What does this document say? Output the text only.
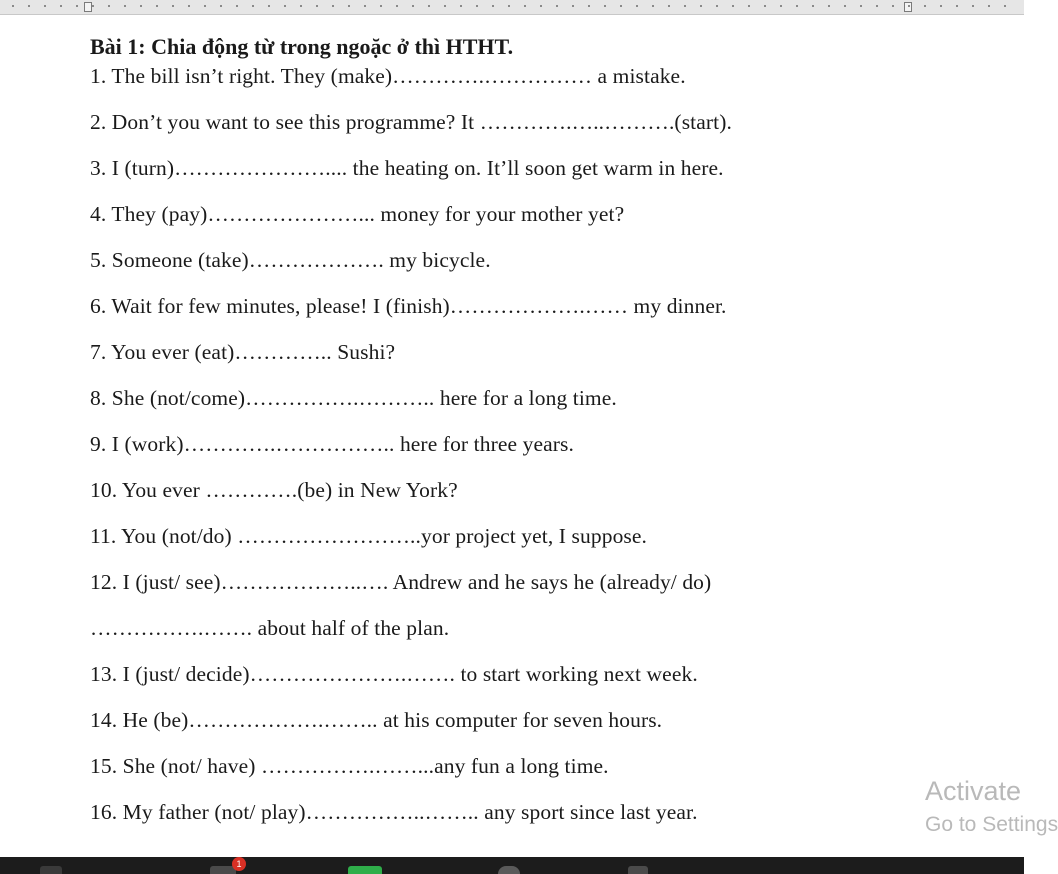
Bài 1: Chia động từ trong ngoặc ở thì HTHT.
1. The bill isn’t right. They (make)………….…………… a mistake.
2. Don’t you want to see this programme? It ………….…..……….(start).
3. I (turn)………………….... the heating on. It’ll soon get warm in here.
4. They (pay)…………………... money for your mother yet?
5. Someone (take)………………. my bicycle.
6. Wait for few minutes, please! I (finish)……………….…… my dinner.
7. You ever (eat)………….. Sushi?
8. She (not/come)…………….……….. here for a long time.
9. I (work)………….…………….. here for three years.
10. You ever ………….(be) in New York?
11. You (not/do) ……………………..yor project yet, I suppose.
12. I (just/ see)………………..…. Andrew and he says he (already/ do)
…………….……. about half of the plan.
13. I (just/ decide)………………….……. to start working next week.
14. He (be)……………….…….. at his computer for seven hours.
15. She (not/ have) …………….……...any fun a long time.
16. My father (not/ play)……………..…….. any sport since last year.
Activate
Go to Settings
1
